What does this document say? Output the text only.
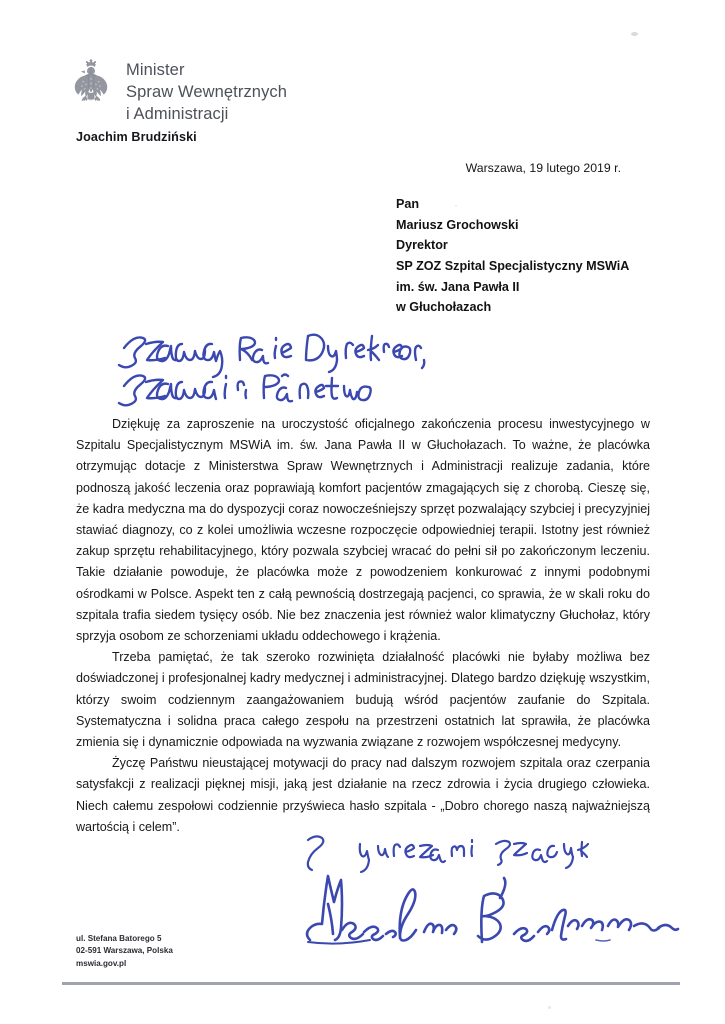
Minister
Spraw Wewnętrznych
i Administracji
Joachim Brudziński
Warszawa, 19 lutego 2019 r.
Pan
Mariusz Grochowski
Dyrektor
SP ZOZ Szpital Specjalistyczny MSWiA
im. św. Jana Pawła II
w Głuchołazach

Dziękuję za zaproszenie na uroczystość oficjalnego zakończenia procesu inwestycyjnego w Szpitalu Specjalistycznym MSWiA im. św. Jana Pawła II w Głuchołazach. To ważne, że placówka otrzymując dotacje z Ministerstwa Spraw Wewnętrznych i Administracji realizuje zadania, które podnoszą jakość leczenia oraz poprawiają komfort pacjentów zmagających się z chorobą. Cieszę się, że kadra medyczna ma do dyspozycji coraz nowocześniejszy sprzęt pozwalający szybciej i precyzyjniej stawiać diagnozy, co z kolei umożliwia wczesne rozpoczęcie odpowiedniej terapii. Istotny jest również zakup sprzętu rehabilitacyjnego, który pozwala szybciej wracać do pełni sił po zakończonym leczeniu. Takie działanie powoduje, że placówka może z powodzeniem konkurować z innymi podobnymi ośrodkami w Polsce. Aspekt ten z całą pewnością dostrzegają pacjenci, co sprawia, że w skali roku do szpitala trafia siedem tysięcy osób. Nie bez znaczenia jest również walor klimatyczny Głuchołaz, który sprzyja osobom ze schorzeniami układu oddechowego i krążenia.

Trzeba pamiętać, że tak szeroko rozwinięta działalność placówki nie byłaby możliwa bez doświadczonej i profesjonalnej kadry medycznej i administracyjnej. Dlatego bardzo dziękuję wszystkim, którzy swoim codziennym zaangażowaniem budują wśród pacjentów zaufanie do Szpitala. Systematyczna i solidna praca całego zespołu na przestrzeni ostatnich lat sprawiła, że placówka zmienia się i dynamicznie odpowiada na wyzwania związane z rozwojem współczesnej medycyny.

Życzę Państwu nieustającej motywacji do pracy nad dalszym rozwojem szpitala oraz czerpania satysfakcji z realizacji pięknej misji, jaką jest działanie na rzecz zdrowia i życia drugiego człowieka. Niech całemu zespołowi codziennie przyświeca hasło szpitala - „Dobro chorego naszą najważniejszą wartością i celem”.

ul. Stefana Batorego 5
02-591 Warszawa, Polska
mswia.gov.pl
